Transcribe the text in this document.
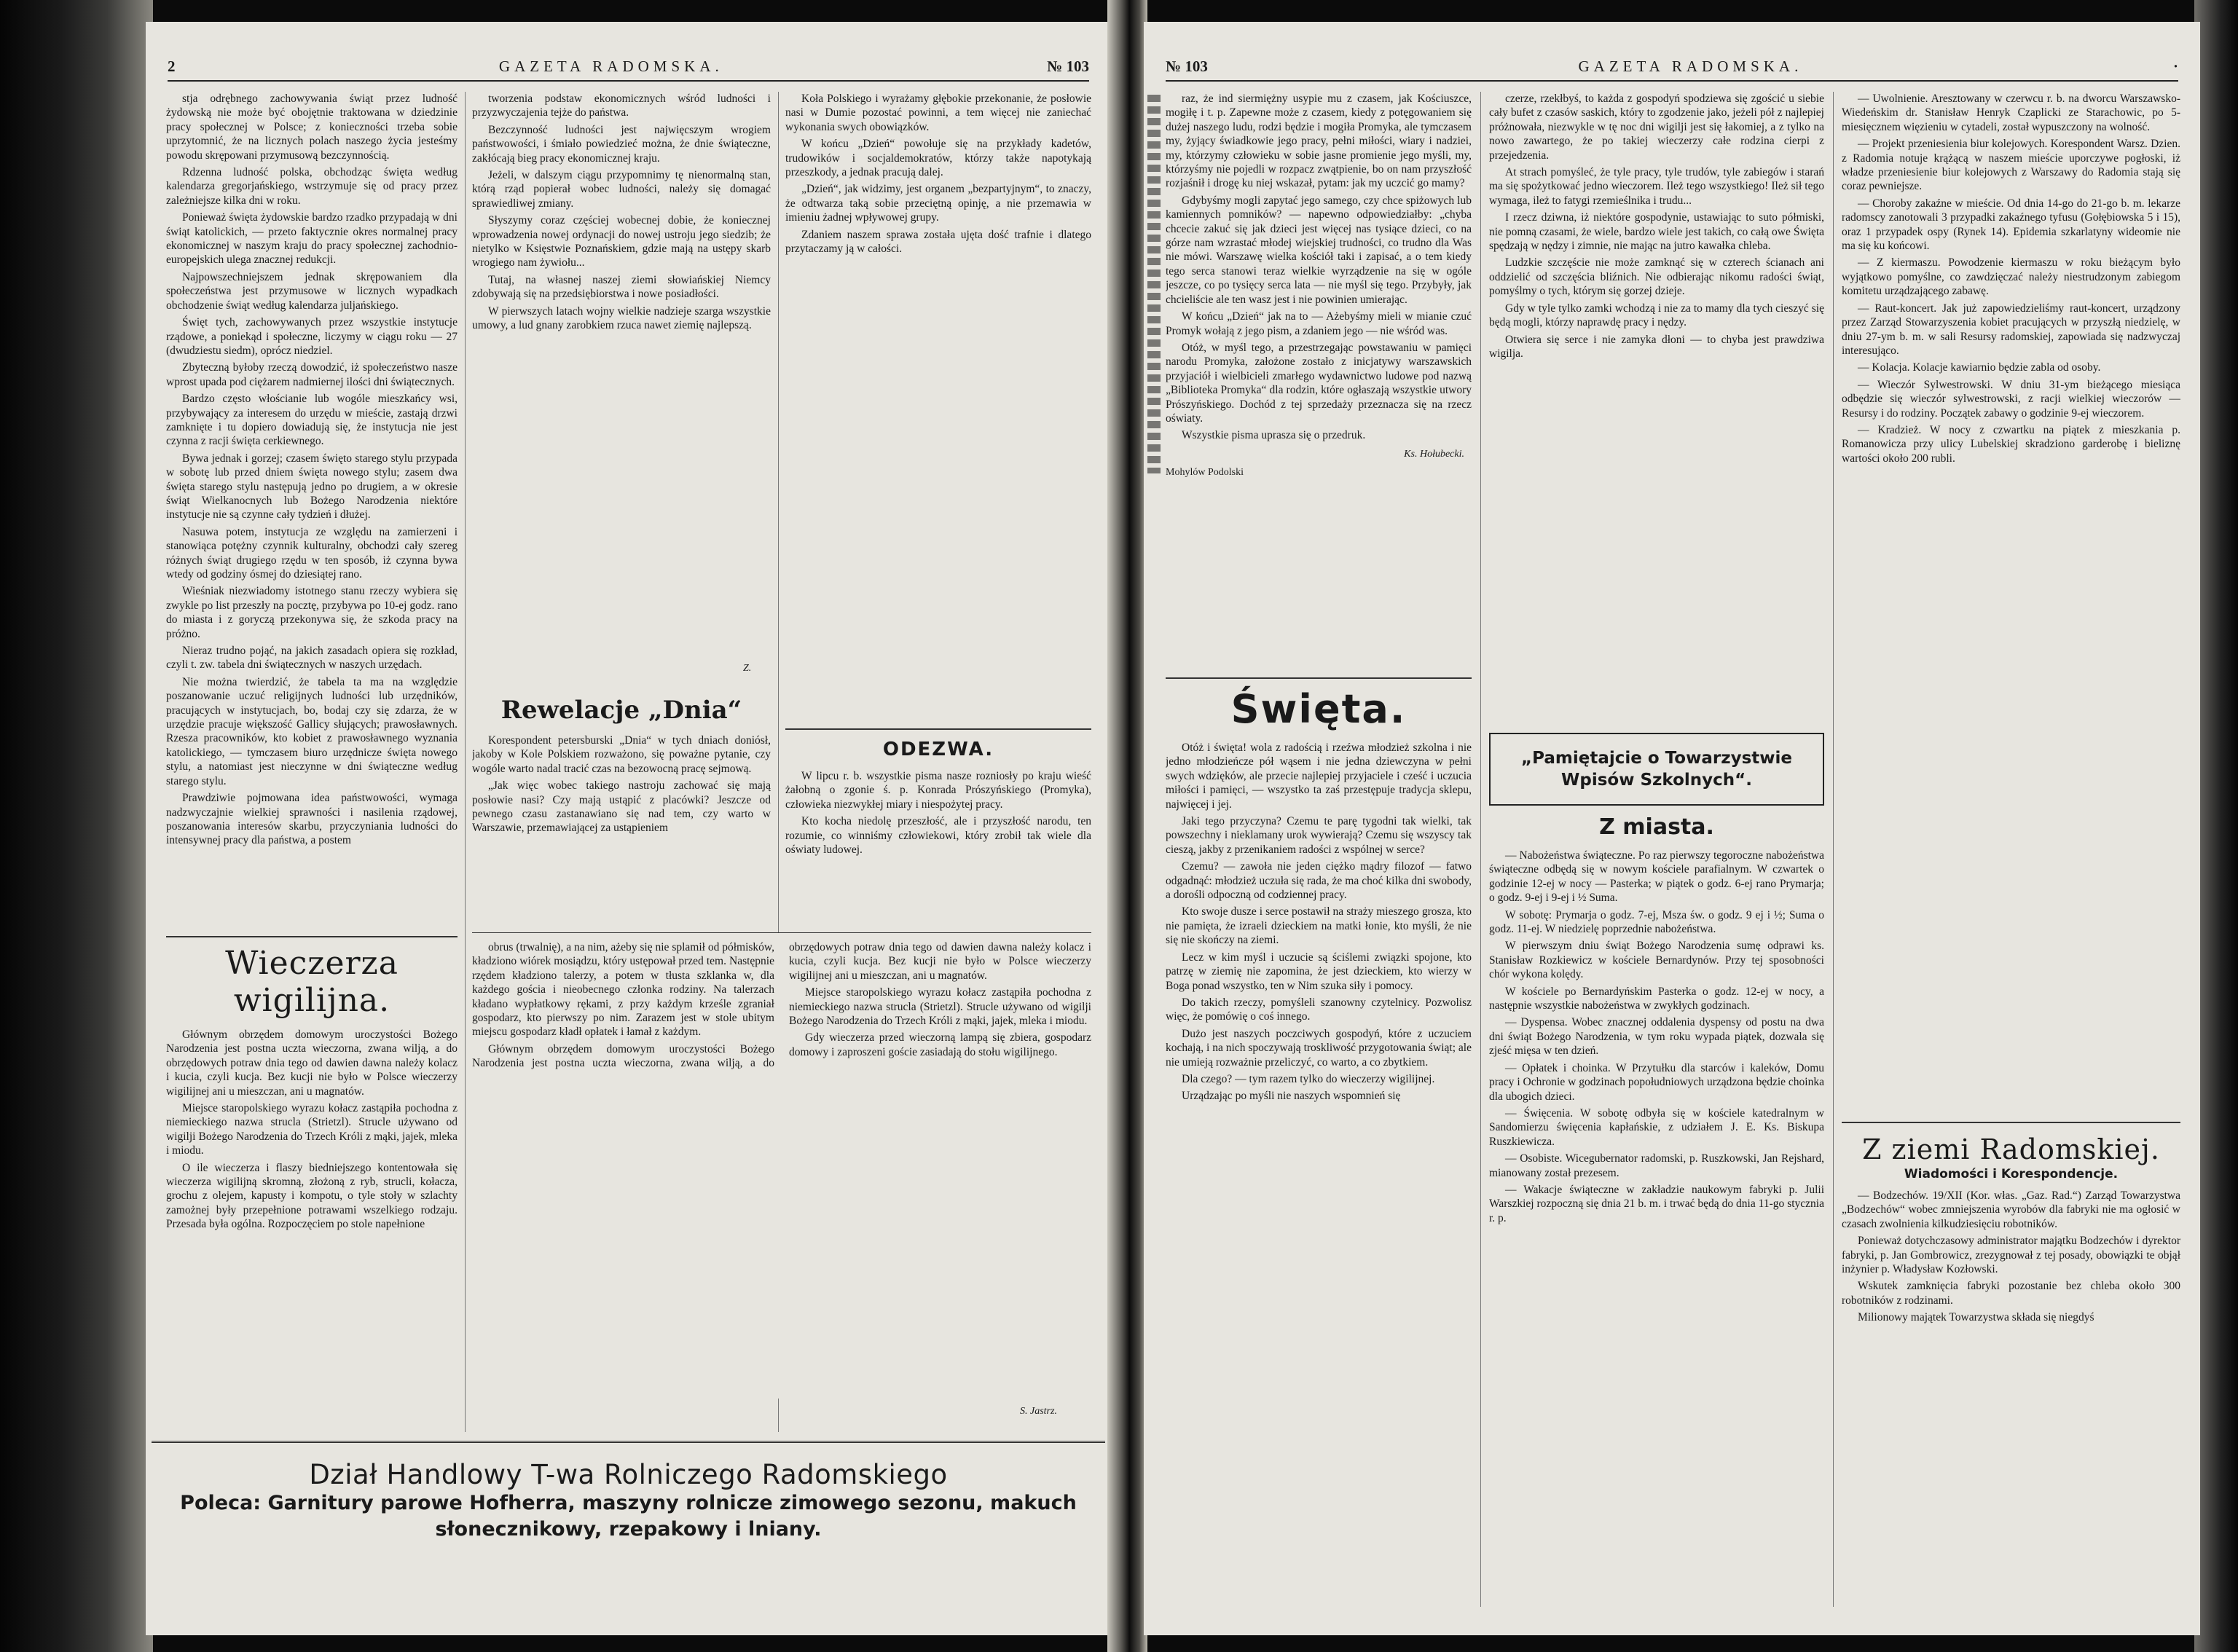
2	GAZETA RADOMSKA.	№ 103

stja odrębnego zachowywania świąt przez ludność żydowską nie może być obojętnie traktowana w dziedzinie pracy społecznej w Polsce; z konieczności trzeba sobie uprzytomnić, że na licznych polach naszego życia jesteśmy powodu skrępowani przymusową bezczynnością.

Rdzenna ludność polska, obchodząc święta według kalendarza gregorjańskiego, wstrzymuje się od pracy przez zależniejsze kilka dni w roku.

Ponieważ święta żydowskie bardzo rzadko przypadają w dni świąt katolickich, — przeto faktycznie okres normalnej pracy ekonomicznej w naszym kraju do pracy społecznej zachodnio-europejskich ulega znacznej redukcji.

Najpowszechniejszem jednak skrępowaniem dla społeczeństwa jest przymusowe w licznych wypadkach obchodzenie świąt według kalendarza juljańskiego.

Święt tych, zachowywanych przez wszystkie instytucje rządowe, a poniekąd i społeczne, liczymy w ciągu roku — 27 (dwudziestu siedm), oprócz niedziel.

Zbyteczną byłoby rzeczą dowodzić, iż społeczeństwo nasze wprost upada pod ciężarem nadmiernej ilości dni świątecznych.

Bardzo często włościanie lub wogóle mieszkańcy wsi, przybywający za interesem do urzędu w mieście, zastają drzwi zamknięte i tu dopiero dowiadują się, że instytucja nie jest czynna z racji święta cerkiewnego.

Bywa jednak i gorzej; czasem święto starego stylu przypada w sobotę lub przed dniem święta nowego stylu; zasem dwa święta starego stylu następują jedno po drugiem, a w okresie świąt Wielkanocnych lub Bożego Narodzenia niektóre instytucje nie są czynne cały tydzień i dłużej.

Nasuwa potem, instytucja ze względu na zamierzeni i stanowiąca potężny czynnik kulturalny, obchodzi cały szereg różnych świąt drugiego rzędu w ten sposób, iż czynna bywa wtedy od godziny ósmej do dziesiątej rano.

Wieśniak niezwiadomy istotnego stanu rzeczy wybiera się zwykle po list przeszły na pocztę, przybywa po 10-ej godz. rano do miasta i z goryczą przekonywa się, że szkoda pracy na próżno.

Nieraz trudno pojąć, na jakich zasadach opiera się rozkład, czyli t. zw. tabela dni świątecznych w naszych urzędach.

Nie można twierdzić, że tabela ta ma na względzie poszanowanie uczuć religijnych ludności lub urzędników, pracujących w instytucjach, bo, bodaj czy się zdarza, że w urzędzie pracuje większość Gallicy słujących; prawosławnych. Rzesza pracowników, kto kobiet z prawosławnego wyznania katolickiego, — tymczasem biuro urzędnicze święta nowego stylu, a natomiast jest nieczynne w dni świąteczne według starego stylu.

Prawdziwie pojmowana idea państwowości, wymaga nadzwyczajnie wielkiej sprawności i nasilenia rządowej, poszanowania interesów skarbu, przyczyniania ludności do intensywnej pracy dla państwa, a postem

Wieczerza wigilijna.

Głównym obrzędem domowym uroczystości Bożego Narodzenia jest postna uczta wieczorna, zwana wilją, a do obrzędowych potraw dnia tego od dawien dawna należy kolacz i kucia, czyli kucja. Bez kucji nie było w Polsce wieczerzy wigilijnej ani u mieszczan, ani u magnatów.

Miejsce staropolskiego wyrazu kołacz zastąpiła pochodna z niemieckiego nazwa strucla (Strietzl). Strucle używano od wigilji Bożego Narodzenia do Trzech Króli z mąki, jajek, mleka i miodu.

O ile wieczerza i flaszy biedniejszego kontentowała się wieczerza wigilijną skromną, złożoną z ryb, strucli, kołacza, grochu z olejem, kapusty i kompotu, o tyle stoły w szlachty zamożnej były przepełnione potrawami wszelkiego rodzaju. Przesada była ogólna. Rozpoczęciem po stole napełnione

tworzenia podstaw ekonomicznych wśród ludności i przyzwyczajenia tejże do państwa.

Bezczynność ludności jest najwięcszym wrogiem państwowości, i śmiało powiedzieć można, że dnie świąteczne, zakłócają bieg pracy ekonomicznej kraju.

Jeżeli, w dalszym ciągu przypomnimy tę nienormalną stan, którą rząd popierał wobec ludności, należy się domagać sprawiedliwej zmiany.

Słyszymy coraz częściej wobecnej dobie, że koniecznej wprowadzenia nowej ordynacji do nowej ustroju jego siedzib; że nietylko w Księstwie Poznańskiem, gdzie mają na ustępy skarb wrogiego nam żywiołu...

Tutaj, na własnej naszej ziemi słowiańskiej Niemcy zdobywają się na przedsiębiorstwa i nowe posiadłości.

W pierwszych latach wojny wielkie nadzieje szarga wszystkie umowy, a lud gnany zarobkiem rzuca nawet ziemię najlepszą.

Rewelacje „Dnia“

Korespondent petersburski „Dnia“ w tych dniach doniósł, jakoby w Kole Polskiem rozważono, się poważne pytanie, czy wogóle warto nadal tracić czas na bezowocną pracę sejmową.

„Jak więc wobec takiego nastroju zachować się mają posłowie nasi? Czy mają ustąpić z placówki? Jeszcze od pewnego czasu zastanawiano się nad tem, czy warto w Warszawie, przemawiającej za ustąpieniem

Z.

Koła Polskiego i wyrażamy głębokie przekonanie, że posłowie nasi w Dumie pozostać powinni, a tem więcej nie zaniechać wykonania swych obowiązków.

W końcu „Dzień“ powołuje się na przykłady kadetów, trudowików i socjaldemokratów, którzy także napotykają przeszkody, a jednak pracują dalej.

„Dzień“, jak widzimy, jest organem „bezpartyjnym“, to znaczy, że odtwarza taką sobie przeciętną opinję, a nie przemawia w imieniu żadnej wpływowej grupy.

Zdaniem naszem sprawa została ujęta dość trafnie i dlatego przytaczamy ją w całości.

ODEZWA.

W lipcu r. b. wszystkie pisma nasze rozniosły po kraju wieść żałobną o zgonie ś. p. Konrada Prószyńskiego (Promyka), człowieka niezwykłej miary i niespożytej pracy.

Kto kocha niedolę przeszłość, ale i przyszłość narodu, ten rozumie, co winniśmy człowiekowi, który zrobił tak wiele dla oświaty ludowej.

obrus (trwalnię), a na nim, ażeby się nie splamił od półmisków, kładziono wiórek mosiądzu, który ustępował przed tem. Następnie rzędem kładziono talerzy, a potem w tłusta szklanka w, dla każdego gościa i nieobecnego członka rodziny. Na talerzach kładano wypłatkowy rękami, z przy każdym krześle zgraniał gospodarz, kto pierwszy po nim. Zarazem jest w stole ubitym miejscu gospodarz kładł opłatek i łamał z każdym.

Głównym obrzędem domowym uroczystości Bożego Narodzenia jest postna uczta wieczorna, zwana wilją, a do obrzędowych potraw dnia tego od dawien dawna należy kolacz i kucia, czyli kucja. Bez kucji nie było w Polsce wieczerzy wigilijnej ani u mieszczan, ani u magnatów.

Miejsce staropolskiego wyrazu kołacz zastąpiła pochodna z niemieckiego nazwa strucla (Strietzl). Strucle używano od wigilji Bożego Narodzenia do Trzech Króli z mąki, jajek, mleka i miodu.

Gdy wieczerza przed wieczorną lampą się zbiera, gospodarz domowy i zaproszeni goście zasiadają do stołu wigilijnego.

S. Jastrz.
Dział Handlowy T-wa Rolniczego Radomskiego
Poleca: Garnitury parowe Hofherra, maszyny rolnicze zimowego sezonu, makuch
słonecznikowy, rzepakowy i lniany.
№ 103	GAZETA RADOMSKA.	·

raz, że ind siermiężny usypie mu z czasem, jak Kościuszce, mogiłę i t. p. Zapewne może z czasem, kiedy z potęgowaniem się dużej naszego ludu, rodzi będzie i mogiła Promyka, ale tymczasem my, żyjący świadkowie jego pracy, pełni miłości, wiary i nadziei, my, którzymy człowieku w sobie jasne promienie jego myśli, my, którzyśmy nie pojedli w rozpacz zwątpienie, bo on nam przyszłość rozjaśnił i drogę ku niej wskazał, pytam: jak my uczcić go mamy?

Gdybyśmy mogli zapytać jego samego, czy chce spiżowych lub kamiennych pomników? — napewno odpowiedziałby: „chyba chcecie zakuć się jak dzieci jest więcej nas tysiące dzieci, co na górze nam wzrastać młodej wiejskiej trudności, co trudno dla Was nie mówi. Warszawę wielka kościół taki i zapisać, a o tem kiedy tego serca stanowi teraz wielkie wyrządzenie na się w ogóle jeszcze, co po tysięcy serca lata — nie myśl się tego. Przybyły, jak chcieliście ale ten wasz jest i nie powinien umierając.

W końcu „Dzień“ jak na to — Ażebyśmy mieli w mianie czuć Promyk wołają z jego pism, a zdaniem jego — nie wśród was.

Otóż, w myśl tego, a przestrzegając powstawaniu w pamięci narodu Promyka, założone zostało z inicjatywy warszawskich przyjaciół i wielbicieli zmarłego wydawnictwo ludowe pod nazwą „Biblioteka Promyka“ dla rodzin, które ogłaszają wszystkie utwory Prószyńskiego. Dochód z tej sprzedaży przeznacza się na rzecz oświaty.

Wszystkie pisma uprasza się o przedruk.

Ks. Hołubecki.
Mohylów Podolski
Święta.

Otóż i święta! wola z radością i rzeźwa młodzież szkolna i nie jedno młodzieńcze pół wąsem i nie jedna dziewczyna w pełni swych wdzięków, ale przecie najlepiej przyjaciele i cześć i uczucia miłości i pamięci, — wszystko ta zaś przestępuje tradycja sklepu, najwięcej i jej.

Jaki tego przyczyna? Czemu te parę tygodni tak wielki, tak powszechny i nieklamany urok wywierają? Czemu się wszyscy tak cieszą, jakby z przenikaniem radości z wspólnej w serce?

Czemu? — zawoła nie jeden ciężko mądry filozof — fatwo odgadnąć: młodzież uczuła się rada, że ma choć kilka dni swobody, a dorośli odpoczną od codziennej pracy.

Kto swoje dusze i serce postawił na straży mieszego grosza, kto nie pamięta, że izraeli dzieckiem na matki łonie, kto myśli, że nie się nie skończy na ziemi.

Lecz w kim myśl i uczucie są ściślemi związki spojone, kto patrzę w ziemię nie zapomina, że jest dzieckiem, kto wierzy w Boga ponad wszystko, ten w Nim szuka siły i pomocy.

Do takich rzeczy, pomyśleli szanowny czytelnicy. Pozwolisz więc, że pomówię o coś innego.

Dużo jest naszych poczciwych gospodyń, które z uczuciem kochają, i na nich spoczywają troskliwość przygotowania świąt; ale nie umieją rozważnie przeliczyć, co warto, a co zbytkiem.

Dla czego? — tym razem tylko do wieczerzy wigilijnej.

Urządzając po myśli nie naszych wspomnień się

czerze, rzekłbyś, to każda z gospodyń spodziewa się zgościć u siebie cały bufet z czasów saskich, który to zgodzenie jako, jeżeli pół z najlepiej próżnowała, niezwykle w tę noc dni wigilji jest się łakomiej, a z tylko na nowo zawartego, że po takiej wieczerzy całe rodzina cierpi z przejedzenia.

At strach pomyśleć, że tyle pracy, tyle trudów, tyle zabiegów i starań ma się spożytkować jedno wieczorem. Ileż tego wszystkiego! Ileż sił tego wymaga, ileż to fatygi rzemieślnika i trudu...

I rzecz dziwna, iż niektóre gospodynie, ustawiając to suto półmiski, nie pomną czasami, że wiele, bardzo wiele jest takich, co całą owe Święta spędzają w nędzy i zimnie, nie mając na jutro kawałka chleba.

Ludzkie szczęście nie może zamknąć się w czterech ścianach ani oddzielić od szczęścia bliźnich. Nie odbierając nikomu radości świąt, pomyślmy o tych, którym się gorzej dzieje.

Gdy w tyle tylko zamki wchodzą i nie za to mamy dla tych cieszyć się będą mogli, którzy naprawdę pracy i nędzy.

Otwiera się serce i nie zamyka dłoni — to chyba jest prawdziwa wigilja.

„Pamiętajcie o Towarzystwie
Wpisów Szkolnych“.
Z miasta.

— Nabożeństwa świąteczne. Po raz pierwszy tegoroczne nabożeństwa świąteczne odbędą się w nowym kościele parafialnym. W czwartek o godzinie 12-ej w nocy — Pasterka; w piątek o godz. 6-ej rano Prymarja; o godz. 9-ej i 9-ej i ½ Suma.

W sobotę: Prymarja o godz. 7-ej, Msza św. o godz. 9 ej i ½; Suma o godz. 11-ej. W niedzielę poprzednie nabożeństwa.

W pierwszym dniu świąt Bożego Narodzenia sumę odprawi ks. Stanisław Rozkiewicz w kościele Bernardynów. Przy tej sposobności chór wykona kolędy.

W kościele po Bernardyńskim Pasterka o godz. 12-ej w nocy, a następnie wszystkie nabożeństwa w zwykłych godzinach.

— Dyspensa. Wobec znacznej oddalenia dyspensy od postu na dwa dni świąt Bożego Narodzenia, w tym roku wypada piątek, dozwala się zjeść mięsa w ten dzień.

— Opłatek i choinka. W Przytułku dla starców i kaleków, Domu pracy i Ochronie w godzinach popołudniowych urządzona będzie choinka dla ubogich dzieci.

— Święcenia. W sobotę odbyła się w kościele katedralnym w Sandomierzu święcenia kapłańskie, z udziałem J. E. Ks. Biskupa Ruszkiewicza.

— Osobiste. Wicegubernator radomski, p. Ruszkowski, Jan Rejshard, mianowany został prezesem.

— Wakacje świąteczne w zakładzie naukowym fabryki p. Julii Warszkiej rozpoczną się dnia 21 b. m. i trwać będą do dnia 11-go stycznia r. p.

— Uwolnienie. Aresztowany w czerwcu r. b. na dworcu Warszawsko-Wiedeńskim dr. Stanisław Henryk Czaplicki ze Starachowic, po 5-miesięcznem więzieniu w cytadeli, został wypuszczony na wolność.

— Projekt przeniesienia biur kolejowych. Korespondent Warsz. Dzien. z Radomia notuje krążącą w naszem mieście uporczywe pogłoski, iż władze przeniesienie biur kolejowych z Warszawy do Radomia stają się coraz pewniejsze.

— Choroby zakaźne w mieście. Od dnia 14-go do 21-go b. m. lekarze radomscy zanotowali 3 przypadki zakaźnego tyfusu (Gołębiowska 5 i 15), oraz 1 przypadek ospy (Rynek 14). Epidemia szkarlatyny wideomie nie ma się ku końcowi.

— Z kiermaszu. Powodzenie kiermaszu w roku bieżącym było wyjątkowo pomyślne, co zawdzięczać należy niestrudzonym zabiegom komitetu urządzającego zabawę.

— Raut-koncert. Jak już zapowiedzieliśmy raut-koncert, urządzony przez Zarząd Stowarzyszenia kobiet pracujących w przyszłą niedzielę, w dniu 27-ym b. m. w sali Resursy radomskiej, zapowiada się nadzwyczaj interesująco.

— Kolacja. Kolacje kawiarnio będzie zabla od osoby.

— Wieczór Sylwestrowski. W dniu 31-ym bieżącego miesiąca odbędzie się wieczór sylwestrowski, z racji wielkiej wieczorów — Resursy i do rodziny. Początek zabawy o godzinie 9-ej wieczorem.

— Kradzież. W nocy z czwartku na piątek z mieszkania p. Romanowicza przy ulicy Lubelskiej skradziono garderobę i bieliznę wartości około 200 rubli.

Z ziemi Radomskiej.
Wiadomości i Korespondencje.

— Bodzechów. 19/XII (Kor. włas. „Gaz. Rad.“) Zarząd Towarzystwa „Bodzechów“ wobec zmniejszenia wyrobów dla fabryki nie ma ogłosić w czasach zwolnienia kilkudziesięciu robotników.

Ponieważ dotychczasowy administrator majątku Bodzechów i dyrektor fabryki, p. Jan Gombrowicz, zrezygnował z tej posady, obowiązki te objął inżynier p. Władysław Kozłowski.

Wskutek zamknięcia fabryki pozostanie bez chleba około 300 robotników z rodzinami.

Milionowy majątek Towarzystwa składa się niegdyś
